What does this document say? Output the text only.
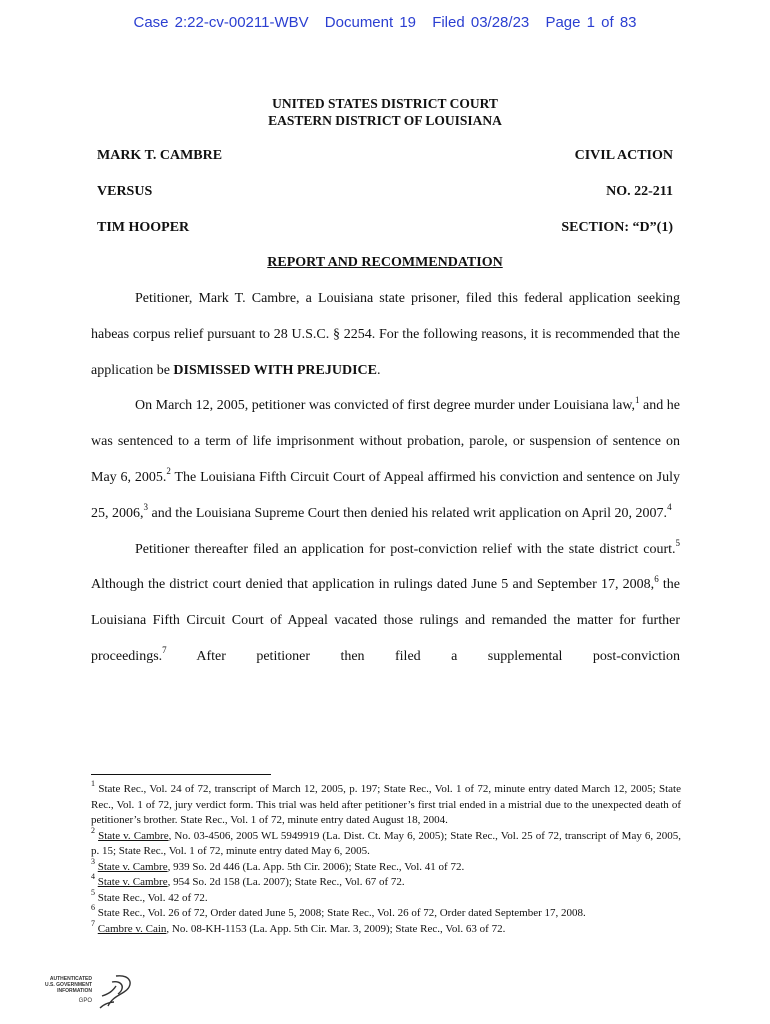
Case 2:22-cv-00211-WBV Document 19 Filed 03/28/23 Page 1 of 83
UNITED STATES DISTRICT COURT
EASTERN DISTRICT OF LOUISIANA
MARK T. CAMBRE	CIVIL ACTION
VERSUS	NO. 22-211
TIM HOOPER	SECTION: “D”(1)
REPORT AND RECOMMENDATION

Petitioner, Mark T. Cambre, a Louisiana state prisoner, filed this federal application seeking habeas corpus relief pursuant to 28 U.S.C. § 2254. For the following reasons, it is recommended that the application be DISMISSED WITH PREJUDICE.

On March 12, 2005, petitioner was convicted of first degree murder under Louisiana law,$^1$ and he was sentenced to a term of life imprisonment without probation, parole, or suspension of sentence on May 6, 2005.$^2$ The Louisiana Fifth Circuit Court of Appeal affirmed his conviction and sentence on July 25, 2006,$^3$ and the Louisiana Supreme Court then denied his related writ application on April 20, 2007.$^4$

Petitioner thereafter filed an application for post-conviction relief with the state district court.$^5$ Although the district court denied that application in rulings dated June 5 and September 17, 2008,$^6$ the Louisiana Fifth Circuit Court of Appeal vacated those rulings and remanded the matter for further proceedings.$^7$ After petitioner then filed a supplemental post-conviction

$^1$ State Rec., Vol. 24 of 72, transcript of March 12, 2005, p. 197; State Rec., Vol. 1 of 72, minute entry dated March 12, 2005; State Rec., Vol. 1 of 72, jury verdict form. This trial was held after petitioner’s first trial ended in a mistrial due to the unexpected death of petitioner’s brother. State Rec., Vol. 1 of 72, minute entry dated August 18, 2004.

$^2$ State v. Cambre, No. 03-4506, 2005 WL 5949919 (La. Dist. Ct. May 6, 2005); State Rec., Vol. 25 of 72, transcript of May 6, 2005, p. 15; State Rec., Vol. 1 of 72, minute entry dated May 6, 2005.

$^3$ State v. Cambre, 939 So. 2d 446 (La. App. 5th Cir. 2006); State Rec., Vol. 41 of 72.

$^4$ State v. Cambre, 954 So. 2d 158 (La. 2007); State Rec., Vol. 67 of 72.

$^5$ State Rec., Vol. 42 of 72.

$^6$ State Rec., Vol. 26 of 72, Order dated June 5, 2008; State Rec., Vol. 26 of 72, Order dated September 17, 2008.

$^7$ Cambre v. Cain, No. 08-KH-1153 (La. App. 5th Cir. Mar. 3, 2009); State Rec., Vol. 63 of 72.

AUTHENTICATED
U.S. GOVERNMENT
INFORMATION
GPO
